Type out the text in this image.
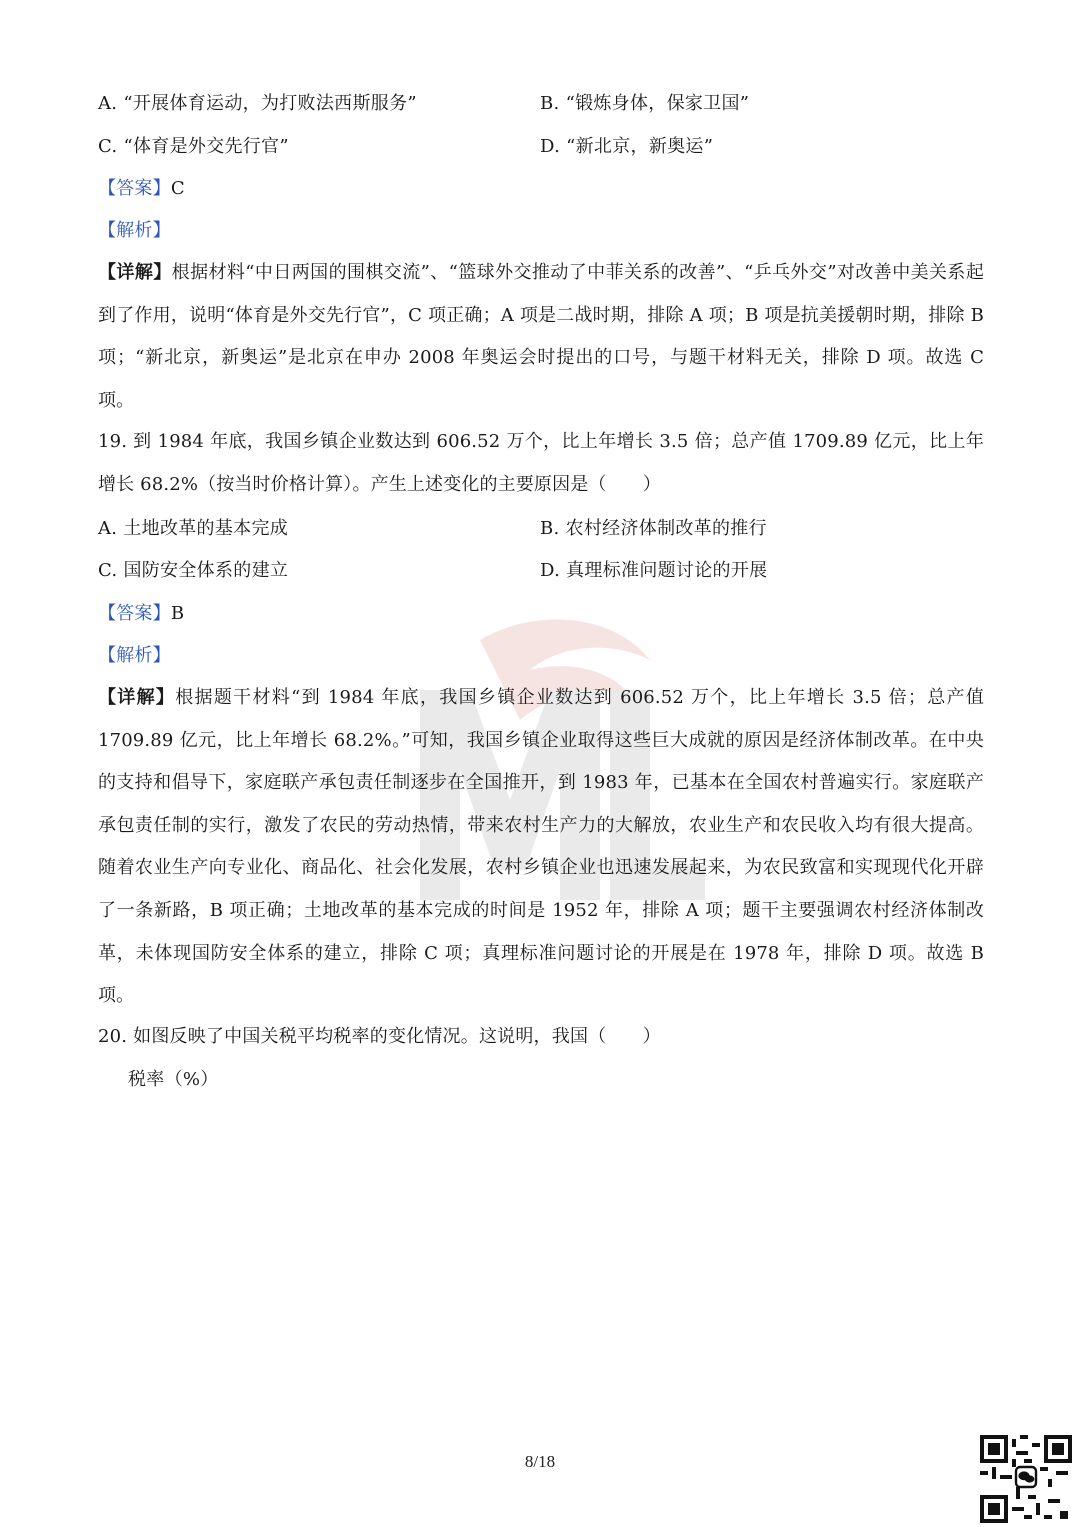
A. “开展体育运动，为打败法西斯服务”	B. “锻炼身体，保家卫国”
C. “体育是外交先行官”	D. “新北京，新奥运”
【答案】C
【解析】
【详解】根据材料“中日两国的围棋交流”、“篮球外交推动了中菲关系的改善”、“乒乓外交”对改善中美关系起到了作用，说明“体育是外交先行官”，C 项正确；A 项是二战时期，排除 A 项；B 项是抗美援朝时期，排除 B 项；“新北京，新奥运”是北京在申办 2008 年奥运会时提出的口号，与题干材料无关，排除 D 项。故选 C 项。
19. 到 1984 年底，我国乡镇企业数达到 606.52 万个，比上年增长 3.5 倍；总产值 1709.89 亿元，比上年增长 68.2%（按当时价格计算）。产生上述变化的主要原因是（　　）
A. 土地改革的基本完成	B. 农村经济体制改革的推行
C. 国防安全体系的建立	D. 真理标准问题讨论的开展
【答案】B
【解析】
【详解】根据题干材料“到 1984 年底，我国乡镇企业数达到 606.52 万个，比上年增长 3.5 倍；总产值 1709.89 亿元，比上年增长 68.2%。”可知，我国乡镇企业取得这些巨大成就的原因是经济体制改革。在中央的支持和倡导下，家庭联产承包责任制逐步在全国推开，到 1983 年，已基本在全国农村普遍实行。家庭联产承包责任制的实行，激发了农民的劳动热情，带来农村生产力的大解放，农业生产和农民收入均有很大提高。随着农业生产向专业化、商品化、社会化发展，农村乡镇企业也迅速发展起来，为农民致富和实现现代化开辟了一条新路，B 项正确；土地改革的基本完成的时间是 1952 年，排除 A 项；题干主要强调农村经济体制改革，未体现国防安全体系的建立，排除 C 项；真理标准问题讨论的开展是在 1978 年，排除 D 项。故选 B 项。
20. 如图反映了中国关税平均税率的变化情况。这说明，我国（　　）
税率（%）
8/18
